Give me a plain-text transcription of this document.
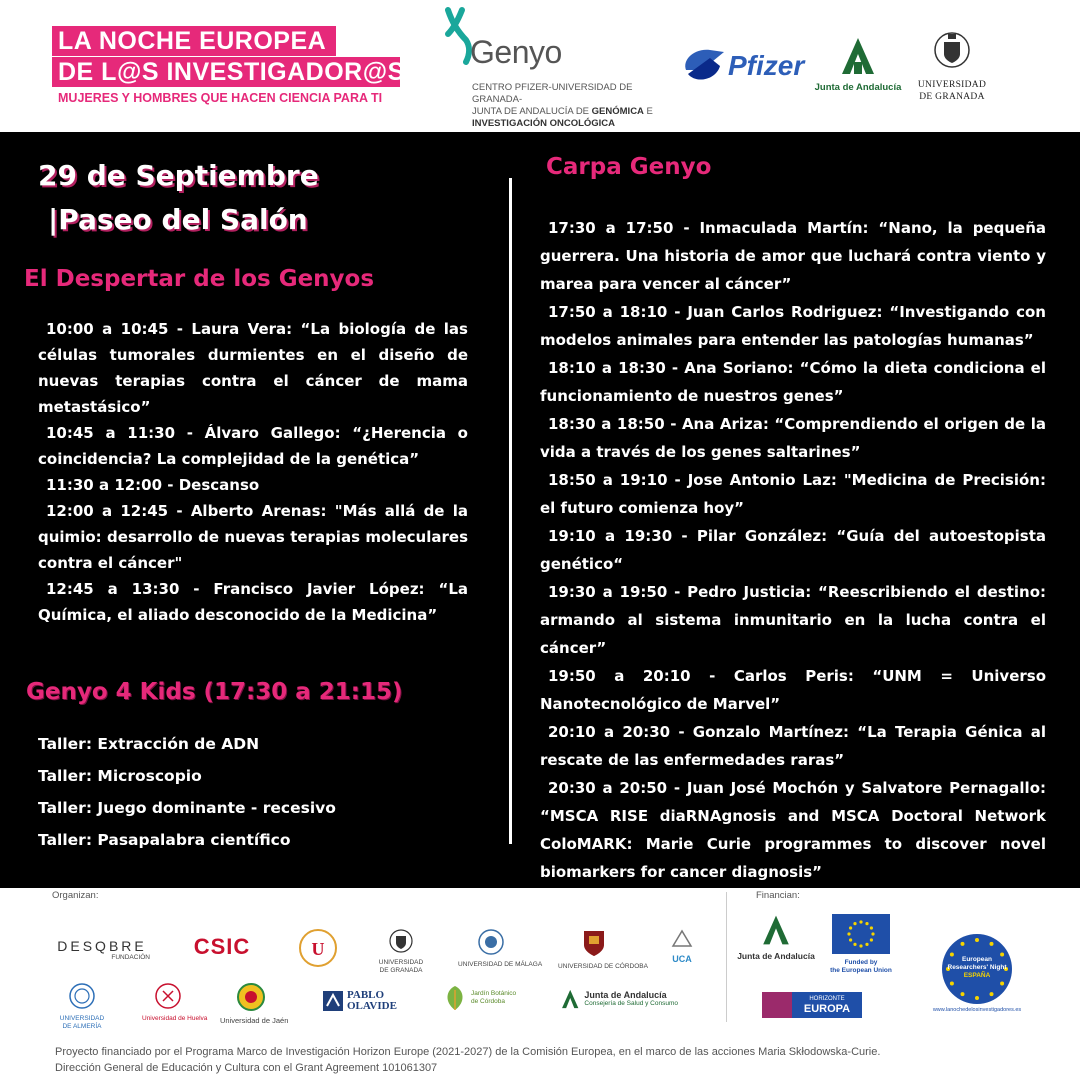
LA NOCHE EUROPEA
DE L@S INVESTIGADOR@S
MUJERES Y HOMBRES QUE HACEN CIENCIA PARA TI
Genyo
CENTRO PFIZER-UNIVERSIDAD DE GRANADA-
JUNTA DE ANDALUCÍA DE GENÓMICA E
INVESTIGACIÓN ONCOLÓGICA
Pfizer
Junta de Andalucía	UNIVERSIDAD
DE GRANADA
29 de Septiembre
|Paseo del Salón
El Despertar de los Genyos

10:00 a 10:45 - Laura Vera: “La biología de las células tumorales durmientes en el diseño de nuevas terapias contra el cáncer de mama metastásico”

10:45 a 11:30 - Álvaro Gallego: “¿Herencia o coincidencia? La complejidad de la genética”

11:30 a 12:00 - Descanso

12:00 a 12:45 - Alberto Arenas: "Más allá de la quimio: desarrollo de nuevas terapias moleculares contra el cáncer"

12:45 a 13:30 - Francisco Javier López: “La Química, el aliado desconocido de la Medicina”

Genyo 4 Kids (17:30 a 21:15)
Taller: Extracción de ADN
Taller: Microscopio
Taller: Juego dominante - recesivo
Taller: Pasapalabra científico
Carpa Genyo

17:30 a 17:50 - Inmaculada Martín: “Nano, la pequeña guerrera. Una historia de amor que luchará contra viento y marea para vencer al cáncer”

17:50 a 18:10 - Juan Carlos Rodriguez: “Investigando con modelos animales para entender las patologías humanas”

18:10 a 18:30 - Ana Soriano: “Cómo la dieta condiciona el funcionamiento de nuestros genes”

18:30 a 18:50 - Ana Ariza: “Comprendiendo el origen de la vida a través de los genes saltarines”

18:50 a 19:10 - Jose Antonio Laz: "Medicina de Precisión: el futuro comienza hoy”

19:10 a 19:30 - Pilar González: “Guía del autoestopista genético“

19:30 a 19:50 - Pedro Justicia: “Reescribiendo el destino: armando al sistema inmunitario en la lucha contra el cáncer”

19:50 a 20:10 - Carlos Peris: “UNM = Universo Nanotecnológico de Marvel”

20:10 a 20:30 - Gonzalo Martínez: “La Terapia Génica al rescate de las enfermedades raras”

20:30 a 20:50 - Juan José Mochón y Salvatore Pernagallo: “MSCA RISE diaRNAgnosis and MSCA Doctoral Network ColoMARK: Marie Curie programmes to discover novel biomarkers for cancer diagnosis”

Organizan:	Financian:
DESQBRE
FUNDACIÓN	CSIC	U
UNIVERSIDAD
DE GRANADA
UNIVERSIDAD DE MÁLAGA UNIVERSIDAD DE CÓRDOBA
UCA
UNIVERSIDAD
DE ALMERÍA
Universidad de Huelva Universidad de Jaén
PABLO
OLAVIDE
Jardín Botánico
de Córdoba
Junta de Andalucía
Consejería de Salud y Consumo
Junta de Andalucía
Funded by
the European Union
HORIZONTE
EUROPA
European
Researchers' Night
ESPAÑA
www.lanochedelosinvestigadores.es
Proyecto financiado por el Programa Marco de Investigación Horizon Europe (2021-2027) de la Comisión Europea, en el marco de las acciones Maria Skłodowska-Curie.
Dirección General de Educación y Cultura con el Grant Agreement 101061307
